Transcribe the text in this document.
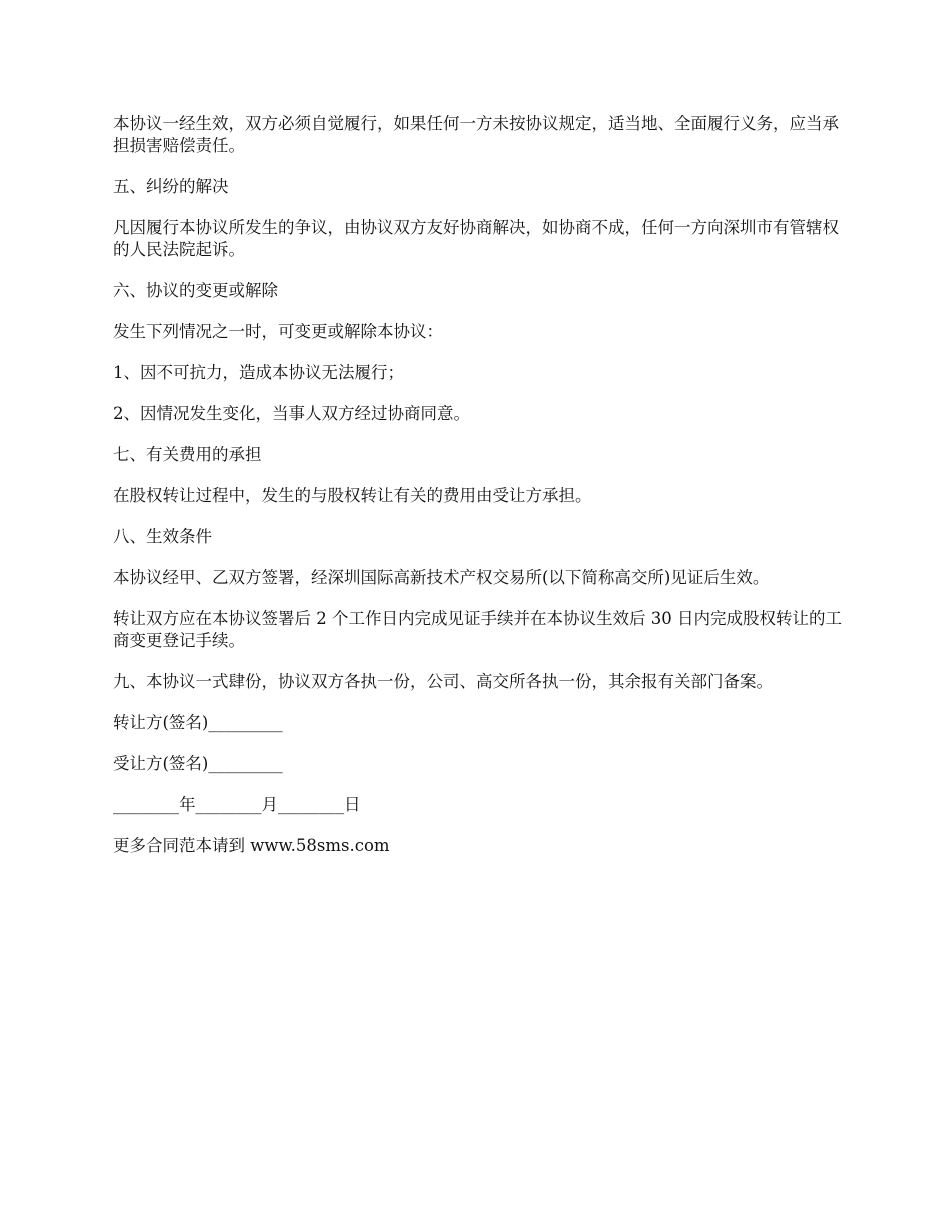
本协议一经生效，双方必须自觉履行，如果任何一方未按协议规定，适当地、全面履行义务，应当承担损害赔偿责任。

五、纠纷的解决

凡因履行本协议所发生的争议，由协议双方友好协商解决，如协商不成，任何一方向深圳市有管辖权的人民法院起诉。

六、协议的变更或解除

发生下列情况之一时，可变更或解除本协议：

1、因不可抗力，造成本协议无法履行；

2、因情况发生变化，当事人双方经过协商同意。

七、有关费用的承担

在股权转让过程中，发生的与股权转让有关的费用由受让方承担。

八、生效条件

本协议经甲、乙双方签署，经深圳国际高新技术产权交易所(以下简称高交所)见证后生效。

转让双方应在本协议签署后 2 个工作日内完成见证手续并在本协议生效后 30 日内完成股权转让的工商变更登记手续。

九、本协议一式肆份，协议双方各执一份，公司、高交所各执一份，其余报有关部门备案。

转让方(签名)_________

受让方(签名)_________

________年________月________日

更多合同范本请到 www.58sms.com
